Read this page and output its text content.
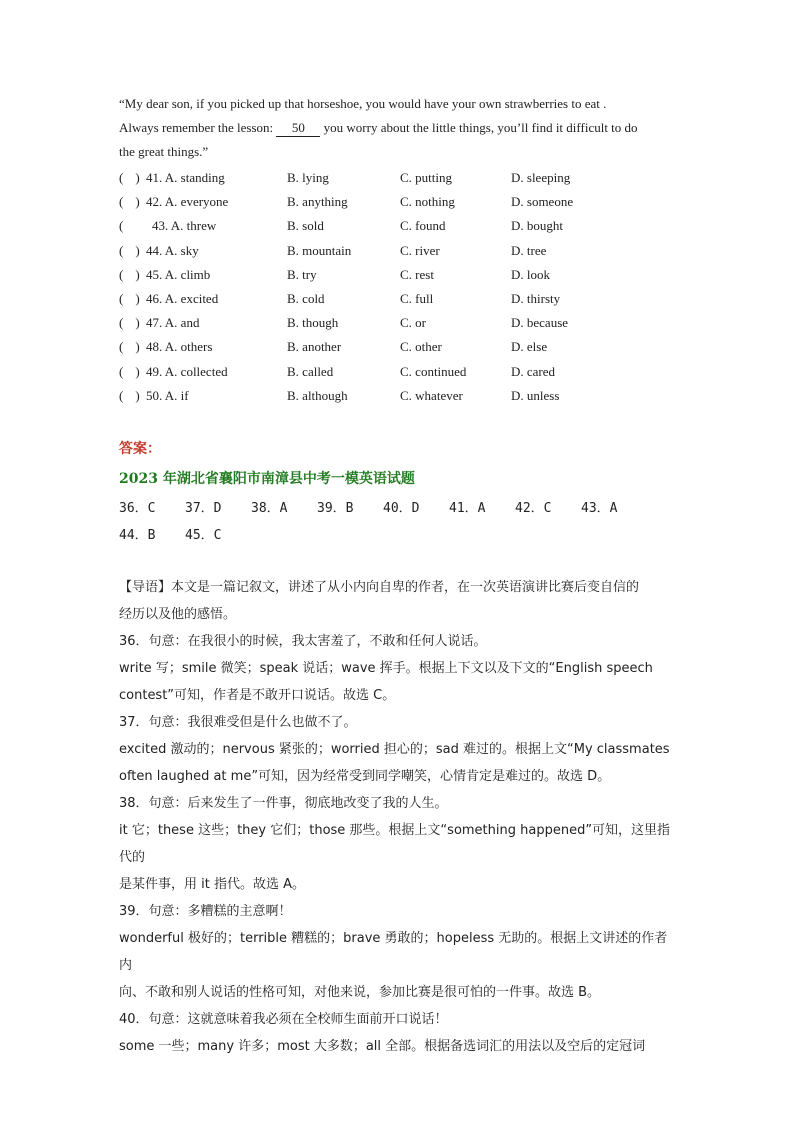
“My dear son, if you picked up that horseshoe, you would have your own strawberries to eat .
Always remember the lesson: 50 you worry about the little things, you’ll find it difficult to do
the great things.”
( ) 41. A. standing	B. lying	C. putting	D. sleeping
( ) 42. A. everyone	B. anything	C. nothing	D. someone
(	43. A. threw	B. sold	C. found	D. bought
( ) 44. A. sky	B. mountain	C. river	D. tree
( ) 45. A. climb	B. try	C. rest	D. look
( ) 46. A. excited	B. cold	C. full	D. thirsty
( ) 47. A. and	B. though	C. or	D. because
( ) 48. A. others	B. another	C. other	D. else
( ) 49. A. collected	B. called	C. continued	D. cared
( ) 50. A. if	B. although	C. whatever	D. unless
答案：
2023 年湖北省襄阳市南漳县中考一模英语试题
36．C 37．D 38．A 39．B 40．D 41．A 42．C 43．A
44．B 45．C

【导语】本文是一篇记叙文，讲述了从小内向自卑的作者，在一次英语演讲比赛后变自信的

经历以及他的感悟。

36．句意：在我很小的时候，我太害羞了，不敢和任何人说话。

write 写；smile 微笑；speak 说话；wave 挥手。根据上下文以及下文的“English speech

contest”可知，作者是不敢开口说话。故选 C。

37．句意：我很难受但是什么也做不了。

excited 激动的；nervous 紧张的；worried 担心的；sad 难过的。根据上文“My classmates

often laughed at me”可知，因为经常受到同学嘲笑，心情肯定是难过的。故选 D。

38．句意：后来发生了一件事，彻底地改变了我的人生。

it 它；these 这些；they 它们；those 那些。根据上文“something happened”可知，这里指代的

是某件事，用 it 指代。故选 A。

39．句意：多糟糕的主意啊！

wonderful 极好的；terrible 糟糕的；brave 勇敢的；hopeless 无助的。根据上文讲述的作者内

向、不敢和别人说话的性格可知，对他来说，参加比赛是很可怕的一件事。故选 B。

40．句意：这就意味着我必须在全校师生面前开口说话！

some 一些；many 许多；most 大多数；all 全部。根据备选词汇的用法以及空后的定冠词
